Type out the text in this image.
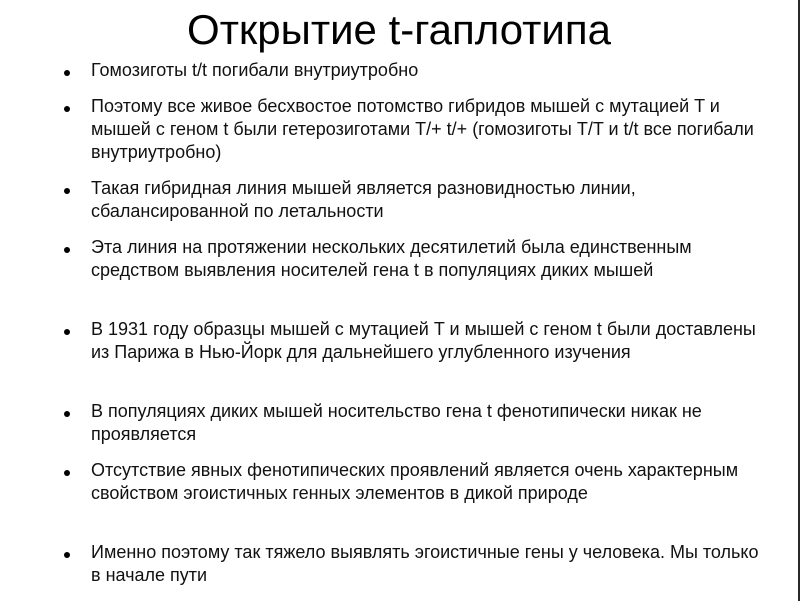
Открытие t-гаплотипа
Гомозиготы t/t погибали внутриутробно
Поэтому все живое бесхвостое потомство гибридов мышей с мутацией T и мышей с геном t были гетерозиготами T/+ t/+ (гомозиготы T/T и t/t все погибали внутриутробно)
Такая гибридная линия мышей является разновидностью линии, сбалансированной по летальности
Эта линия на протяжении нескольких десятилетий была единственным средством выявления носителей гена t в популяциях диких мышей
В 1931 году образцы мышей с мутацией T и мышей с геном t были доставлены из Парижа в Нью-Йорк для дальнейшего углубленного изучения
В популяциях диких мышей носительство гена t фенотипически никак не проявляется
Отсутствие явных фенотипических проявлений является очень характерным свойством эгоистичных генных элементов в дикой природе
Именно поэтому так тяжело выявлять эгоистичные гены у человека. Мы только в начале пути
